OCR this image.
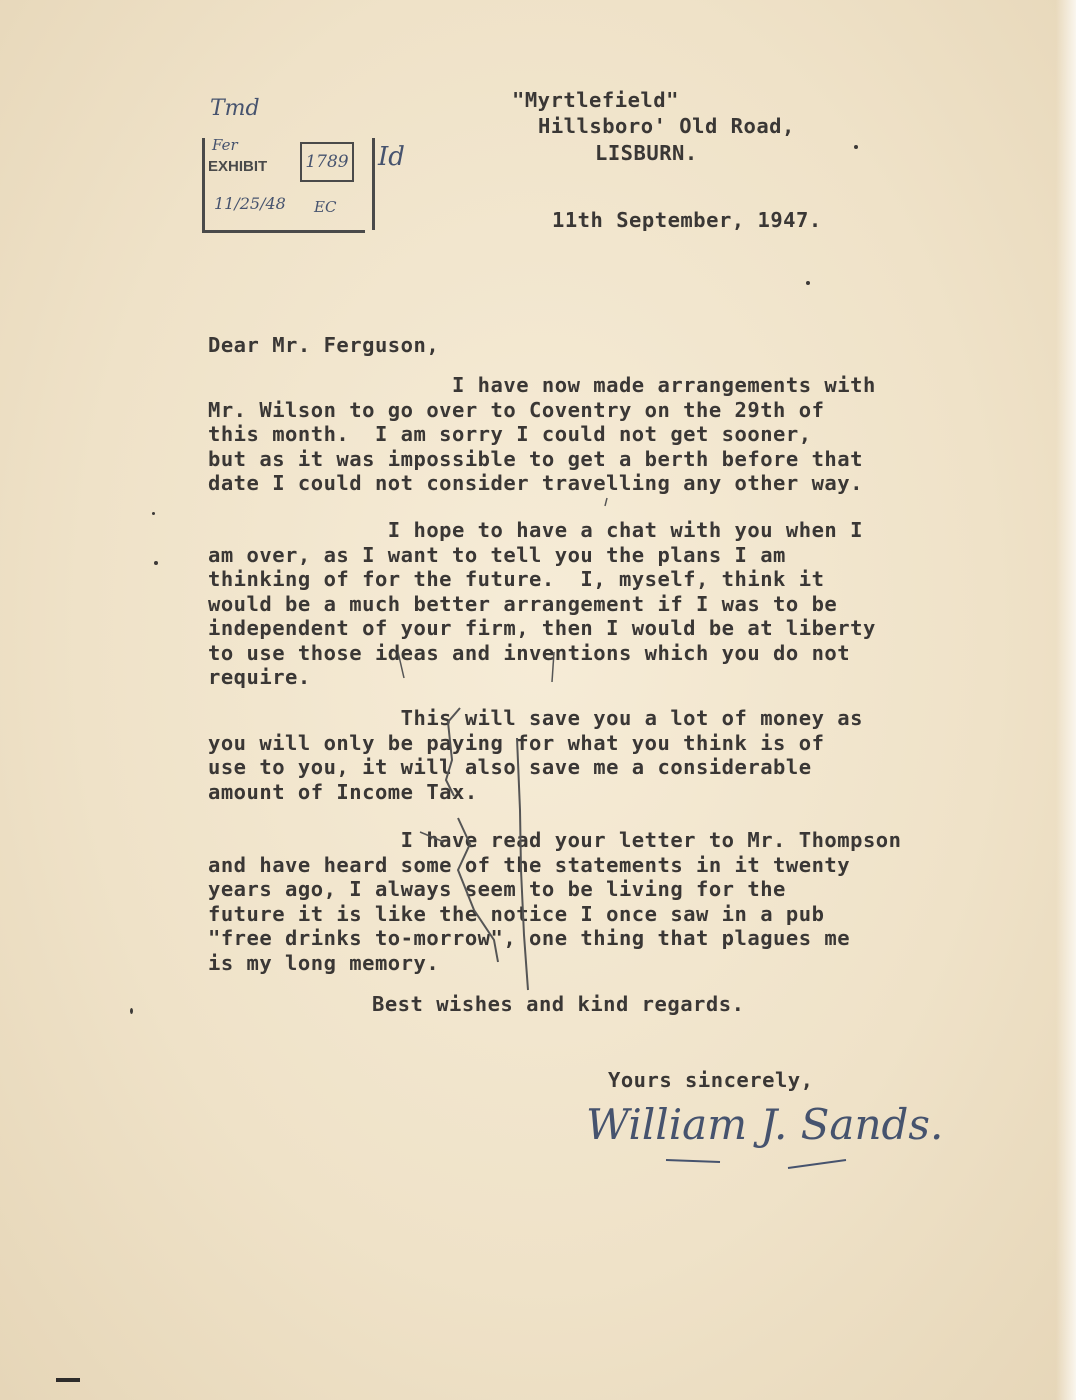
Tmd
Fer
EXHIBIT	1789
11/25/48 EC
Id
"Myrtlefield"
Hillsboro' Old Road,
LISBURN.
11th September, 1947.
Dear Mr. Ferguson,
I have now made arrangements with
Mr. Wilson to go over to Coventry on the 29th of
this month.  I am sorry I could not get sooner,
but as it was impossible to get a berth before that
date I could not consider travelling any other way.
I hope to have a chat with you when I
am over, as I want to tell you the plans I am
thinking of for the future.  I, myself, think it
would be a much better arrangement if I was to be
independent of your firm, then I would be at liberty
to use those ideas and inventions which you do not
require.
This will save you a lot of money as
you will only be paying for what you think is of
use to you, it will also save me a considerable
amount of Income Tax.
I have read your letter to Mr. Thompson
and have heard some of the statements in it twenty
years ago, I always seem to be living for the
future it is like the notice I once saw in a pub
"free drinks to-morrow", one thing that plagues me
is my long memory.
Best wishes and kind regards.
Yours sincerely,
William J. Sands.
